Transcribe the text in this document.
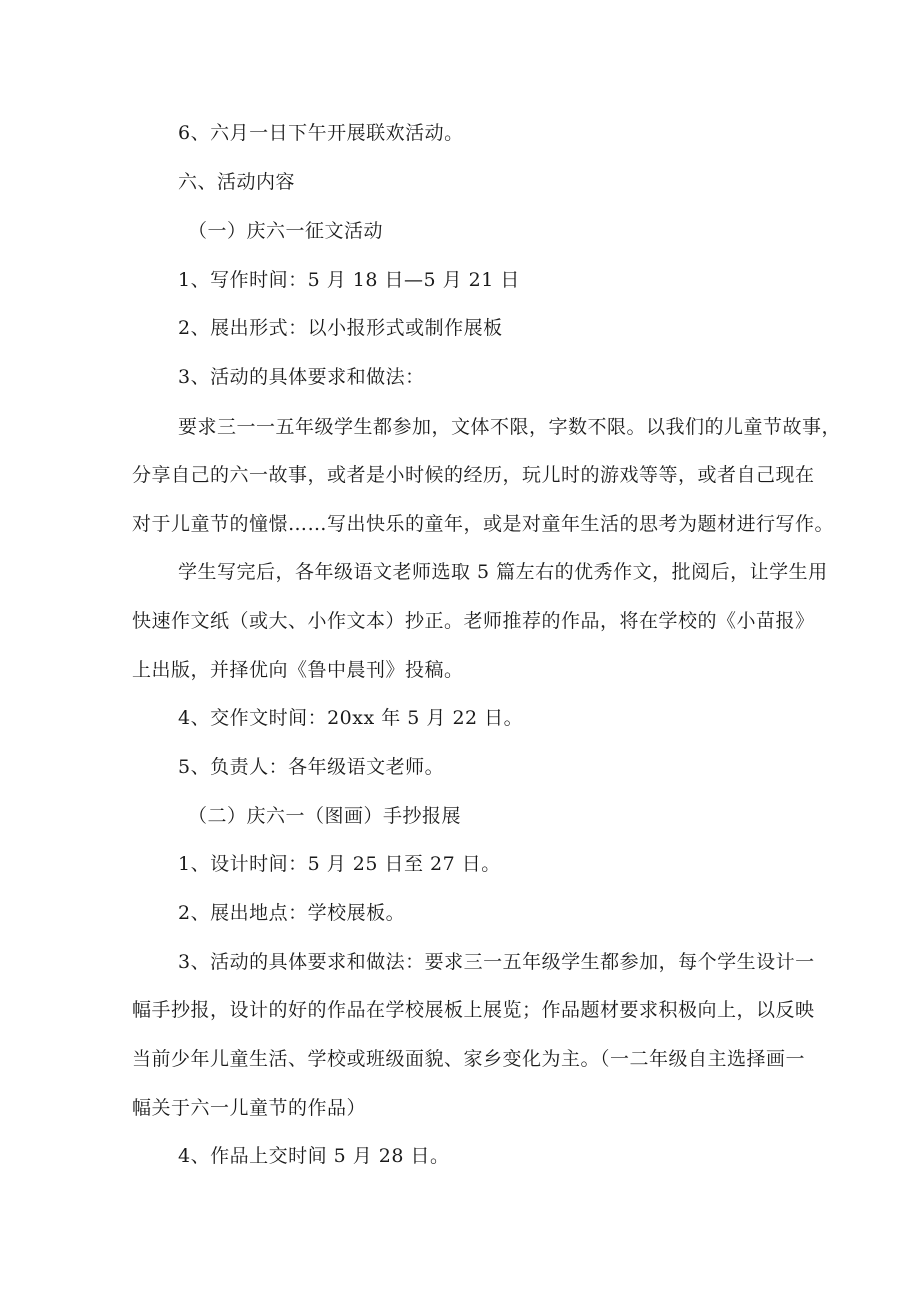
6、六月一日下午开展联欢活动。
六、活动内容
（一）庆六一征文活动
1、写作时间：5 月 18 日—5 月 21 日
2、展出形式：以小报形式或制作展板
3、活动的具体要求和做法：
要求三一一五年级学生都参加，文体不限，字数不限。以我们的儿童节故事，
分享自己的六一故事，或者是小时候的经历，玩儿时的游戏等等，或者自己现在
对于儿童节的憧憬……写出快乐的童年，或是对童年生活的思考为题材进行写作。
学生写完后，各年级语文老师选取 5 篇左右的优秀作文，批阅后，让学生用
快速作文纸（或大、小作文本）抄正。老师推荐的作品，将在学校的《小苗报》
上出版，并择优向《鲁中晨刊》投稿。
4、交作文时间：20xx 年 5 月 22 日。
5、负责人：各年级语文老师。
（二）庆六一（图画）手抄报展
1、设计时间：5 月 25 日至 27 日。
2、展出地点：学校展板。
3、活动的具体要求和做法：要求三一五年级学生都参加，每个学生设计一
幅手抄报，设计的好的作品在学校展板上展览；作品题材要求积极向上，以反映
当前少年儿童生活、学校或班级面貌、家乡变化为主。（一二年级自主选择画一
幅关于六一儿童节的作品）
4、作品上交时间 5 月 28 日。
